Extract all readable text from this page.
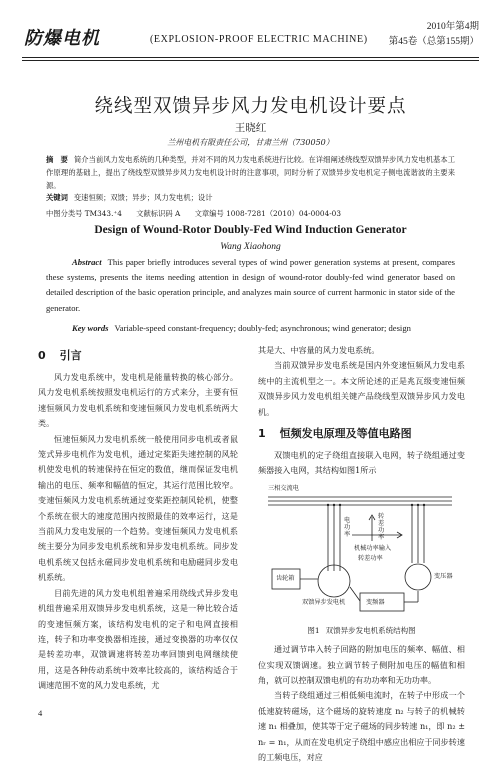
防爆电机	(EXPLOSION-PROOF ELECTRIC MACHINE)
2010年第4期
第45卷（总第155期）
绕线型双馈异步风力发电机设计要点
王晓红
兰州电机有限责任公司，甘肃兰州（730050）
摘　要 简介当前风力发电系统的几种类型，并对不同的风力发电系统进行比较。在详细阐述绕线型双馈异步风力发电机基本工作原理的基础上，提出了绕线型双馈异步风力发电机设计时的注意事项，同时分析了双馈异步发电机定子侧电流谐波的主要来源。
关键词 变速恒频；双馈；异步；风力发电机；设计
中图分类号 TM343.⁺4 文献标识码 A 文章编号 1008-7281（2010）04-0004-03
Design of Wound-Rotor Doubly-Fed Wind Induction Generator
Wang Xiaohong
Abstract This paper briefly introduces several types of wind power generation systems at present, compares these systems, presents the items needing attention in design of wound-rotor doubly-fed wind generator based on detailed description of the basic operation principle, and analyzes main source of current harmonic in stator side of the generator.
Key words Variable-speed constant-frequency; doubly-fed; asynchronous; wind generator; design
0 引言

风力发电系统中，发电机是能量转换的核心部分。风力发电机系统按照发电机运行的方式来分，主要有恒速恒频风力发电机系统和变速恒频风力发电机系统两大类。

恒速恒频风力发电机系统一般使用同步电机或者鼠笼式异步电机作为发电机，通过定桨距失速控制的风轮机使发电机的转速保持在恒定的数值，继而保证发电机输出的电压、频率和幅值的恒定，其运行范围比较窄。变速恒频风力发电机系统通过变桨距控制风轮机，使整个系统在很大的速度范围内按照最佳的效率运行，这是当前风力发电发展的一个趋势。变速恒频风力发电机系统主要分为同步发电机系统和异步发电机系统。同步发电机系统又包括永磁同步发电机系统和电励磁同步发电机系统。

目前先进的风力发电机组普遍采用绕线式异步发电机组普遍采用双馈异步发电机系统，这是一种比较合适的变速恒频方案，该结构发电机的定子和电网直接相连，转子和功率变换器相连接，通过变换器的功率仅仅是转差功率，双馈调速将转差功率回馈到电网继续使用，这是各种传动系统中效率比较高的，该结构适合于调速范围不宽的风力发电系统，尤

其是大、中容量的风力发电系统。

当前双馈异步发电系统是国内外变速恒频风力发电系统中的主流机型之一。本文所论述的正是兆瓦级变速恒频双馈异步风力发电机组关键产品绕线型双馈异步风力发电机。

1 恒频发电原理及等值电路图

双馈电机的定子绕组直接联入电网，转子绕组通过变频器接入电网，其结构如图1所示

三相交流电
电功率
转差功率
齿轮箱
双馈异步发电机	变频器
机械功率输入
转差功率
变压器
图1 双馈异步发电机系统结构图

通过调节串入转子回路的附加电压的频率、幅值、相位实现双馈调速。独立调节转子侧附加电压的幅值和相角，就可以控制双馈电机的有功功率和无功功率。

当转子绕组通过三相低频电流时，在转子中形成一个低速旋转磁场，这个磁场的旋转速度 n₂ 与转子的机械转速 n₁ 相叠加，使其等于定子磁场的同步转速 n₁，即 n₂ ± nᵣ = n₁，从而在发电机定子绕组中感应出相应于同步转速的工频电压，对应

4
